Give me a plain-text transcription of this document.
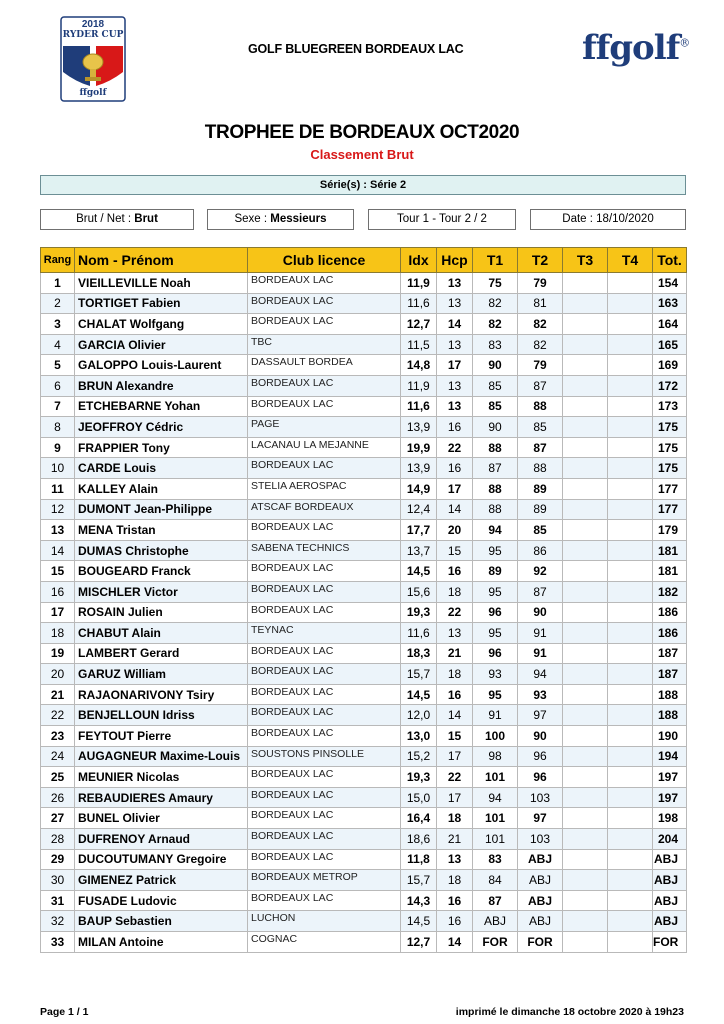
2018
RYDER CUP
ffgolf
GOLF BLUEGREEN BORDEAUX LAC	ffgolf®
TROPHEE DE BORDEAUX OCT2020
Classement Brut
Série(s) : Série 2
Brut / Net : Brut	Sexe : Messieurs	Tour 1 - Tour 2 / 2	Date : 18/10/2020
Rang	Nom - Prénom	Club licence	Idx	Hcp	T1	T2	T3	T4	Tot.
1	VIEILLEVILLE Noah	BORDEAUX LAC	11,9	13	75	79			154
2	TORTIGET Fabien	BORDEAUX LAC	11,6	13	82	81			163
3	CHALAT Wolfgang	BORDEAUX LAC	12,7	14	82	82			164
4	GARCIA Olivier	TBC	11,5	13	83	82			165
5	GALOPPO Louis-Laurent	DASSAULT BORDEA	14,8	17	90	79			169
6	BRUN Alexandre	BORDEAUX LAC	11,9	13	85	87			172
7	ETCHEBARNE Yohan	BORDEAUX LAC	11,6	13	85	88			173
8	JEOFFROY Cédric	PAGE	13,9	16	90	85			175
9	FRAPPIER Tony	LACANAU LA MEJANNE	19,9	22	88	87			175
10	CARDE Louis	BORDEAUX LAC	13,9	16	87	88			175
11	KALLEY Alain	STELIA AEROSPAC	14,9	17	88	89			177
12	DUMONT Jean-Philippe	ATSCAF BORDEAUX	12,4	14	88	89			177
13	MENA Tristan	BORDEAUX LAC	17,7	20	94	85			179
14	DUMAS Christophe	SABENA TECHNICS	13,7	15	95	86			181
15	BOUGEARD Franck	BORDEAUX LAC	14,5	16	89	92			181
16	MISCHLER Victor	BORDEAUX LAC	15,6	18	95	87			182
17	ROSAIN Julien	BORDEAUX LAC	19,3	22	96	90			186
18	CHABUT Alain	TEYNAC	11,6	13	95	91			186
19	LAMBERT Gerard	BORDEAUX LAC	18,3	21	96	91			187
20	GARUZ William	BORDEAUX LAC	15,7	18	93	94			187
21	RAJAONARIVONY Tsiry	BORDEAUX LAC	14,5	16	95	93			188
22	BENJELLOUN Idriss	BORDEAUX LAC	12,0	14	91	97			188
23	FEYTOUT Pierre	BORDEAUX LAC	13,0	15	100	90			190
24	AUGAGNEUR Maxime-Louis	SOUSTONS PINSOLLE	15,2	17	98	96			194
25	MEUNIER Nicolas	BORDEAUX LAC	19,3	22	101	96			197
26	REBAUDIERES Amaury	BORDEAUX LAC	15,0	17	94	103			197
27	BUNEL Olivier	BORDEAUX LAC	16,4	18	101	97			198
28	DUFRENOY Arnaud	BORDEAUX LAC	18,6	21	101	103			204
29	DUCOUTUMANY Gregoire	BORDEAUX LAC	11,8	13	83	ABJ			ABJ
30	GIMENEZ Patrick	BORDEAUX METROP	15,7	18	84	ABJ			ABJ
31	FUSADE Ludovic	BORDEAUX LAC	14,3	16	87	ABJ			ABJ
32	BAUP Sebastien	LUCHON	14,5	16	ABJ	ABJ			ABJ
33	MILAN Antoine	COGNAC	12,7	14	FOR	FOR			FOR
Page 1 / 1	imprimé le dimanche 18 octobre 2020 à 19h23
